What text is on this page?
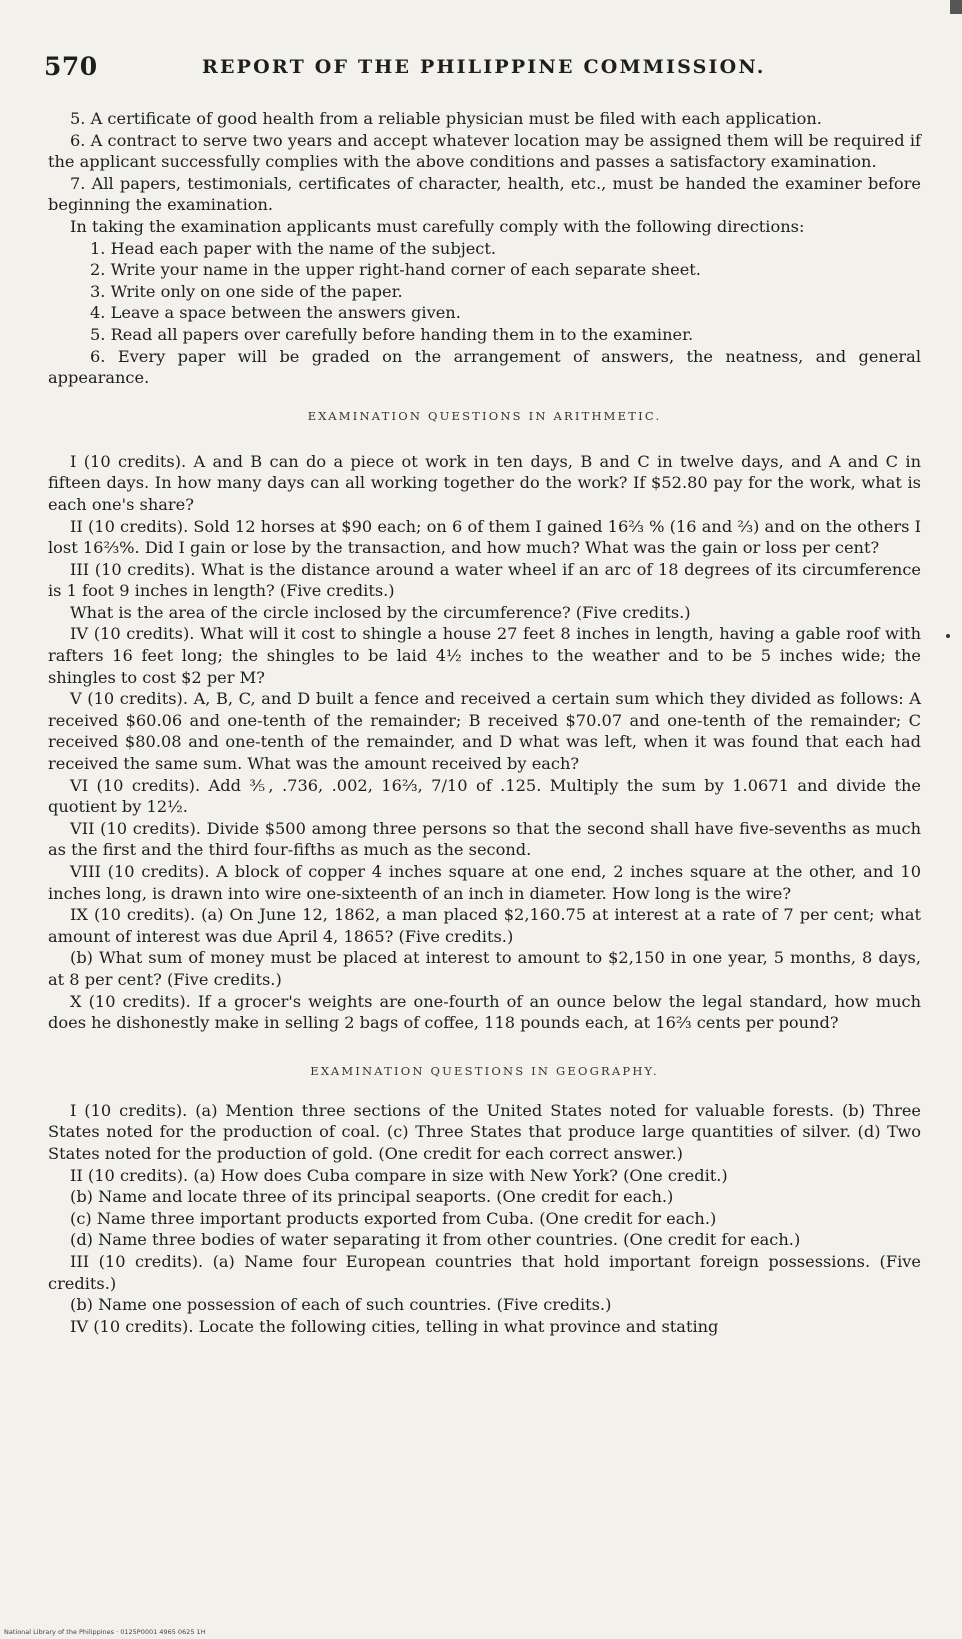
570	REPORT OF THE PHILIPPINE COMMISSION.

5. A certificate of good health from a reliable physician must be filed with each application.

6. A contract to serve two years and accept whatever location may be assigned them will be required if the applicant successfully complies with the above conditions and passes a satisfactory examination.

7. All papers, testimonials, certificates of character, health, etc., must be handed the examiner before beginning the examination.

In taking the examination applicants must carefully comply with the following directions:

1. Head each paper with the name of the subject.

2. Write your name in the upper right-hand corner of each separate sheet.

3. Write only on one side of the paper.

4. Leave a space between the answers given.

5. Read all papers over carefully before handing them in to the examiner.

6. Every paper will be graded on the arrangement of answers, the neatness, and general appearance.

EXAMINATION QUESTIONS IN ARITHMETIC.

I (10 credits). A and B can do a piece ot work in ten days, B and C in twelve days, and A and C in fifteen days. In how many days can all working together do the work? If $52.80 pay for the work, what is each one's share?

II (10 credits). Sold 12 horses at $90 each; on 6 of them I gained 16⅔ % (16 and ⅔) and on the others I lost 16⅔%. Did I gain or lose by the transaction, and how much? What was the gain or loss per cent?

III (10 credits). What is the distance around a water wheel if an arc of 18 degrees of its circumference is 1 foot 9 inches in length? (Five credits.)

What is the area of the circle inclosed by the circumference? (Five credits.)

IV (10 credits). What will it cost to shingle a house 27 feet 8 inches in length, having a gable roof with rafters 16 feet long; the shingles to be laid 4½ inches to the weather and to be 5 inches wide; the shingles to cost $2 per M?

V (10 credits). A, B, C, and D built a fence and received a certain sum which they divided as follows: A received $60.06 and one-tenth of the remainder; B received $70.07 and one-tenth of the remainder; C received $80.08 and one-tenth of the remainder, and D what was left, when it was found that each had received the same sum. What was the amount received by each?

VI (10 credits). Add ⅗, .736, .002, 16⅔, 7/10 of .125. Multiply the sum by 1.0671 and divide the quotient by 12½.

VII (10 credits). Divide $500 among three persons so that the second shall have five-sevenths as much as the first and the third four-fifths as much as the second.

VIII (10 credits). A block of copper 4 inches square at one end, 2 inches square at the other, and 10 inches long, is drawn into wire one-sixteenth of an inch in diameter. How long is the wire?

IX (10 credits). (a) On June 12, 1862, a man placed $2,160.75 at interest at a rate of 7 per cent; what amount of interest was due April 4, 1865? (Five credits.)

(b) What sum of money must be placed at interest to amount to $2,150 in one year, 5 months, 8 days, at 8 per cent? (Five credits.)

X (10 credits). If a grocer's weights are one-fourth of an ounce below the legal standard, how much does he dishonestly make in selling 2 bags of coffee, 118 pounds each, at 16⅔ cents per pound?

EXAMINATION QUESTIONS IN GEOGRAPHY.

I (10 credits). (a) Mention three sections of the United States noted for valuable forests. (b) Three States noted for the production of coal. (c) Three States that produce large quantities of silver. (d) Two States noted for the production of gold. (One credit for each correct answer.)

II (10 credits). (a) How does Cuba compare in size with New York? (One credit.)

(b) Name and locate three of its principal seaports. (One credit for each.)

(c) Name three important products exported from Cuba. (One credit for each.)

(d) Name three bodies of water separating it from other countries. (One credit for each.)

III (10 credits). (a) Name four European countries that hold important foreign possessions. (Five credits.)

(b) Name one possession of each of such countries. (Five credits.)

IV (10 credits). Locate the following cities, telling in what province and stating

National Library of the Philippines · 0125P0001 4965 0625 1H
